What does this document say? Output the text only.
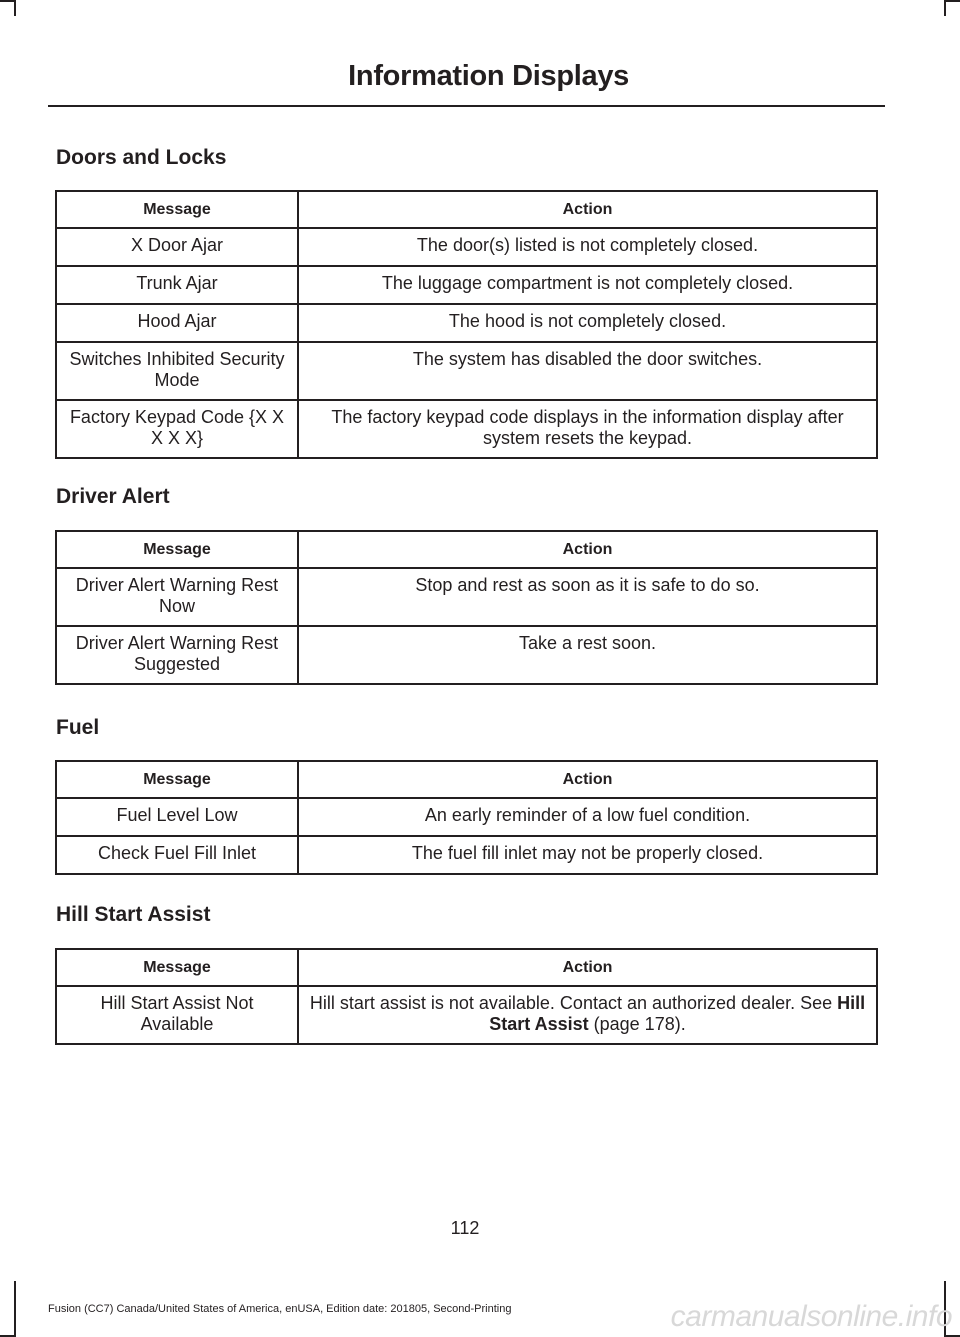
Information Displays
Doors and Locks
Message	Action
X Door Ajar	The door(s) listed is not completely closed.
Trunk Ajar	The luggage compartment is not completely closed.
Hood Ajar	The hood is not completely closed.
Switches Inhibited Security Mode	The system has disabled the door switches.
Factory Keypad Code {X X X X X}	The factory keypad code displays in the information display after system resets the keypad.
Driver Alert
Message	Action
Driver Alert Warning Rest Now	Stop and rest as soon as it is safe to do so.
Driver Alert Warning Rest Suggested	Take a rest soon.
Fuel
Message	Action
Fuel Level Low	An early reminder of a low fuel condition.
Check Fuel Fill Inlet	The fuel fill inlet may not be properly closed.
Hill Start Assist
Message	Action
Hill Start Assist Not Available	Hill start assist is not available. Contact an authorized dealer. See Hill Start Assist (page 178).
112
Fusion (CC7) Canada/United States of America, enUSA, Edition date: 201805, Second-Printing	carmanualsonline.info
